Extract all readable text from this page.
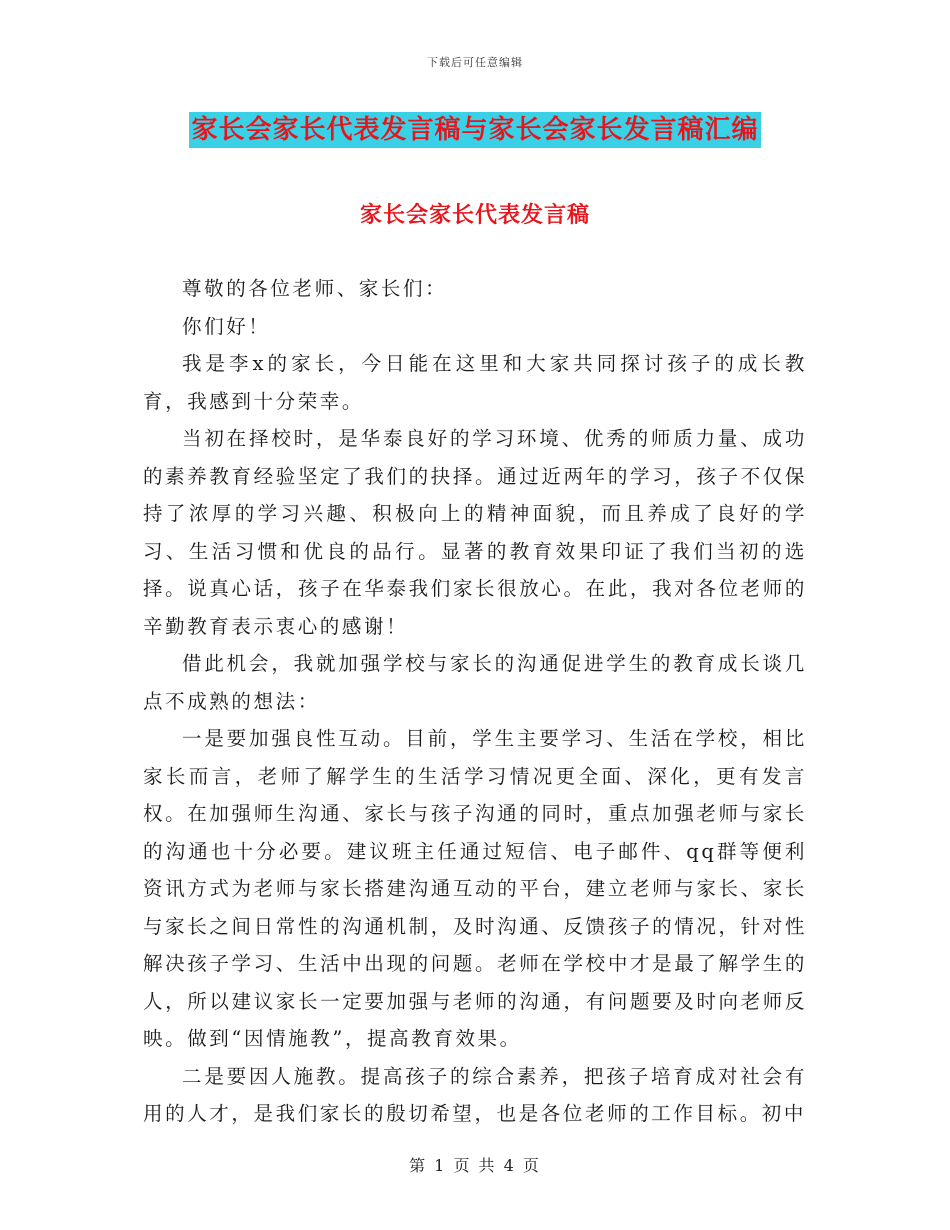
下载后可任意编辑
家长会家长代表发言稿与家长会家长发言稿汇编

尊敬的各位老师、家长们：

你们好！

我是李x的家长，今日能在这里和大家共同探讨孩子的成长教育，我感到十分荣幸。

当初在择校时，是华泰良好的学习环境、优秀的师质力量、成功的素养教育经验坚定了我们的抉择。通过近两年的学习，孩子不仅保持了浓厚的学习兴趣、积极向上的精神面貌，而且养成了良好的学习、生活习惯和优良的品行。显著的教育效果印证了我们当初的选择。说真心话，孩子在华泰我们家长很放心。在此，我对各位老师的辛勤教育表示衷心的感谢！

借此机会，我就加强学校与家长的沟通促进学生的教育成长谈几点不成熟的想法：

一是要加强良性互动。目前，学生主要学习、生活在学校，相比家长而言，老师了解学生的生活学习情况更全面、深化，更有发言权。在加强师生沟通、家长与孩子沟通的同时，重点加强老师与家长的沟通也十分必要。建议班主任通过短信、电子邮件、qq群等便利资讯方式为老师与家长搭建沟通互动的平台，建立老师与家长、家长与家长之间日常性的沟通机制，及时沟通、反馈孩子的情况，针对性解决孩子学习、生活中出现的问题。老师在学校中才是最了解学生的人，所以建议家长一定要加强与老师的沟通，有问题要及时向老师反映。做到“因情施教”，提高教育效果。

二是要因人施教。提高孩子的综合素养，把孩子培育成对社会有用的人才，是我们家长的殷切希望，也是各位老师的工作目标。初中

家长会家长代表发言稿
第 1 页 共 4 页
